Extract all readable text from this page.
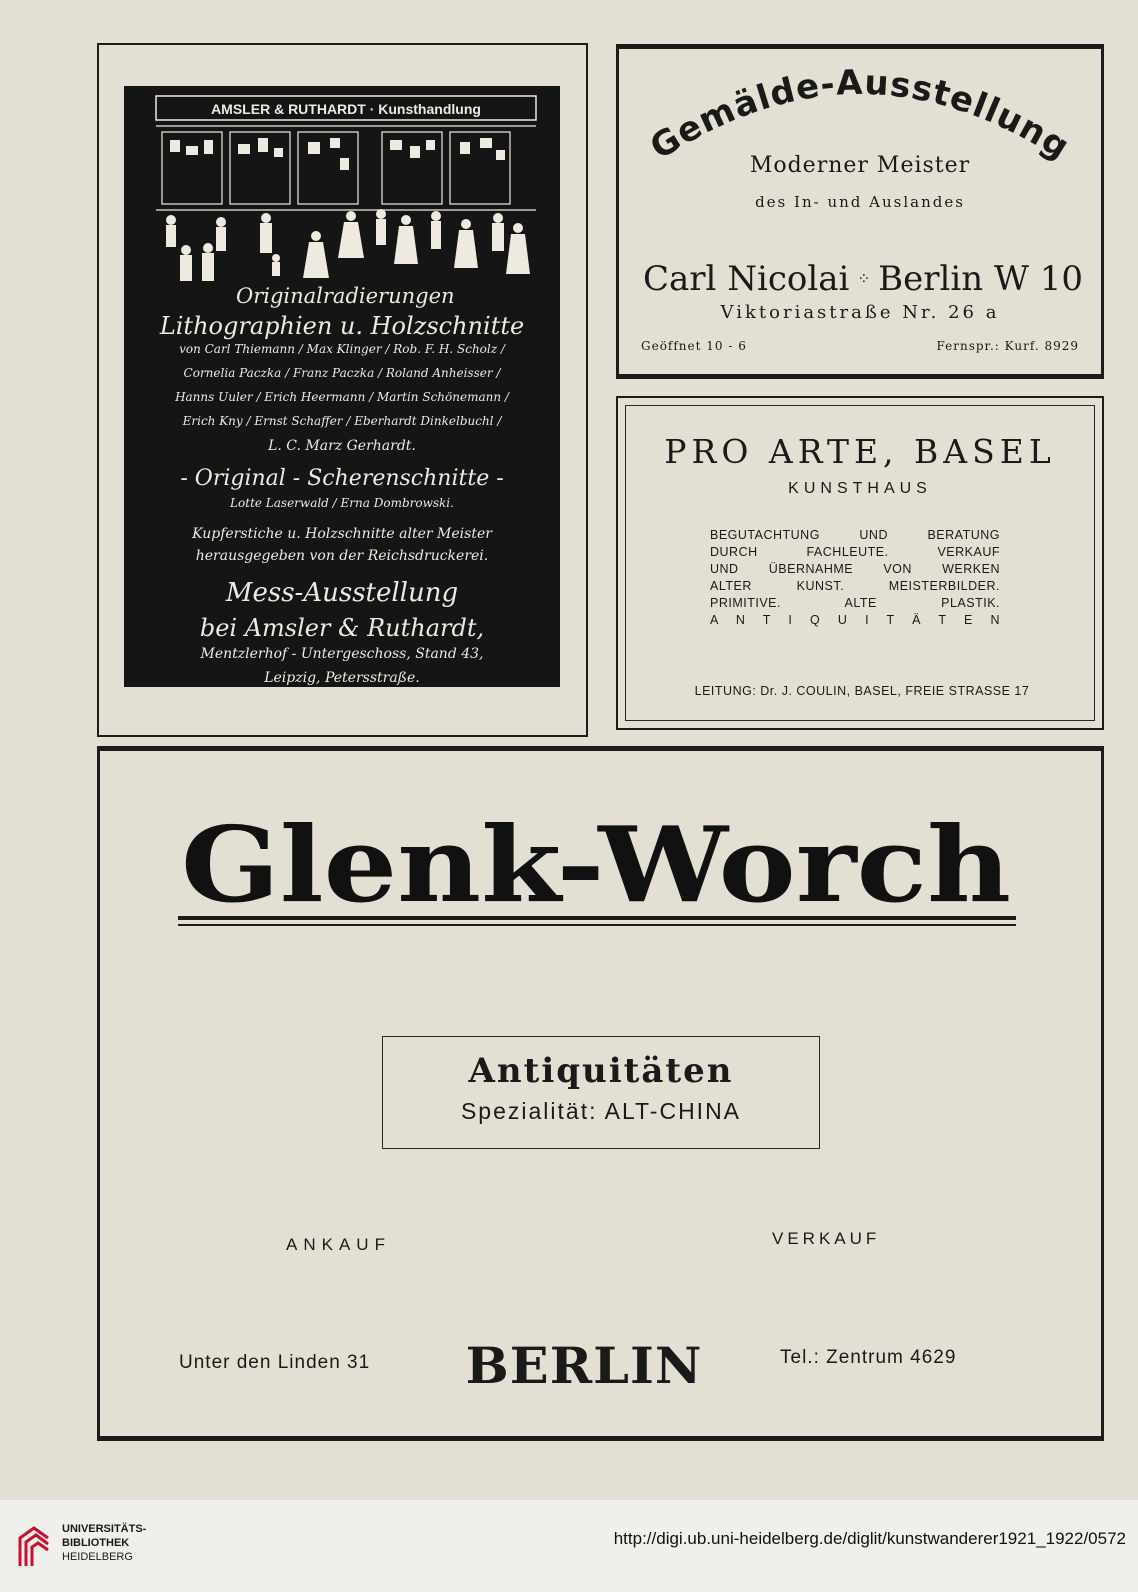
AMSLER & RUTHARDT · Kunsthandlung
Originalradierungen
Lithographien u. Holzschnitte
von Carl Thiemann / Max Klinger / Rob. F. H. Scholz /
Cornelia Paczka / Franz Paczka / Roland Anheisser /
Hanns Uuler / Erich Heermann / Martin Schönemann /
Erich Kny / Ernst Schaffer / Eberhardt Dinkelbuchl /
L. C. Marz Gerhardt.
- Original - Scherenschnitte -
Lotte Laserwald / Erna Dombrowski.
Kupferstiche u. Holzschnitte alter Meister
herausgegeben von der Reichsdruckerei.
Mess-Ausstellung
bei Amsler & Ruthardt,
Mentzlerhof - Untergeschoss, Stand 43,
Leipzig, Petersstraße.
Gemälde-Ausstellung
Moderner Meister
des In- und Auslandes
Carl Nicolai ⁘ Berlin W 10
Viktoriastraße Nr. 26 a
Geöffnet 10 - 6	Fernspr.: Kurf. 8929
PRO ARTE, BASEL
KUNSTHAUS
BEGUTACHTUNG UND BERATUNG
DURCH FACHLEUTE. VERKAUF
UND ÜBERNAHME VON WERKEN
ALTER KUNST. MEISTERBILDER.
PRIMITIVE. ALTE PLASTIK.
A N T I Q U I T Ä T E N
LEITUNG: Dr. J. COULIN, BASEL, FREIE STRASSE 17
Glenk-Worch
Antiquitäten
Spezialität: ALT-CHINA
ANKAUF	VERKAUF
Unter den Linden 31 BERLIN	Tel.: Zentrum 4629
UNIVERSITÄTS-
BIBLIOTHEK
HEIDELBERG
http://digi.ub.uni-heidelberg.de/diglit/kunstwanderer1921_1922/0572
